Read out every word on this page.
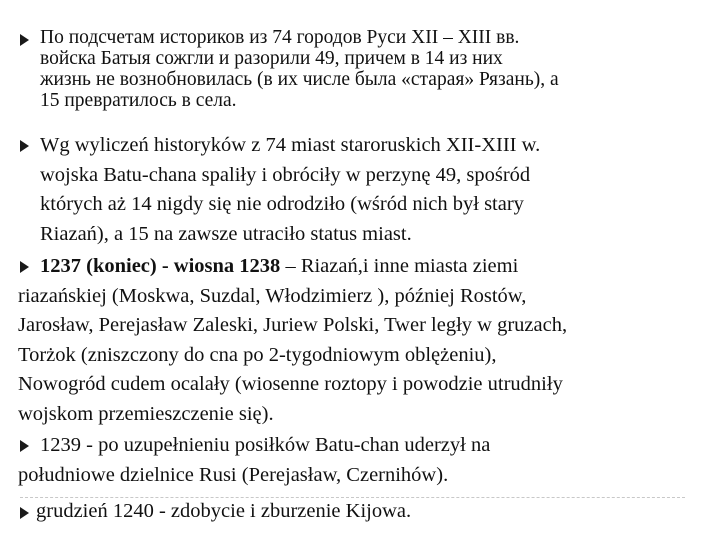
По подсчетам историков из 74 городов Руси XII – XIII вв.
войска Батыя сожгли и разорили 49, причем в 14 из них
жизнь не вознобновилась (в их числе была «старая» Рязань), а
15 превратилось в села.
Wg wyliczeń historyków z 74 miast staroruskich XII-XIII w.
wojska Batu-chana spaliły i obróciły w perzynę 49, spośród
których aż 14 nigdy się nie odrodziło (wśród nich był stary
Riazań), a 15 na zawsze utraciło status miast.
1237 (koniec) - wiosna 1238 – Riazań,i inne miasta ziemi
riazańskiej (Moskwa, Suzdal, Włodzimierz ), później Rostów,
Jarosław, Perejasław Zaleski, Juriew Polski, Twer legły w gruzach,
Torżok (zniszczony do cna po 2-tygodniowym oblężeniu),
Nowogród cudem ocalały (wiosenne roztopy i powodzie utrudniły
wojskom przemieszczenie się).
1239 - po uzupełnieniu posiłków Batu-chan uderzył na
południowe dzielnice Rusi (Perejasław, Czernihów).
grudzień 1240 - zdobycie i zburzenie Kijowa.
